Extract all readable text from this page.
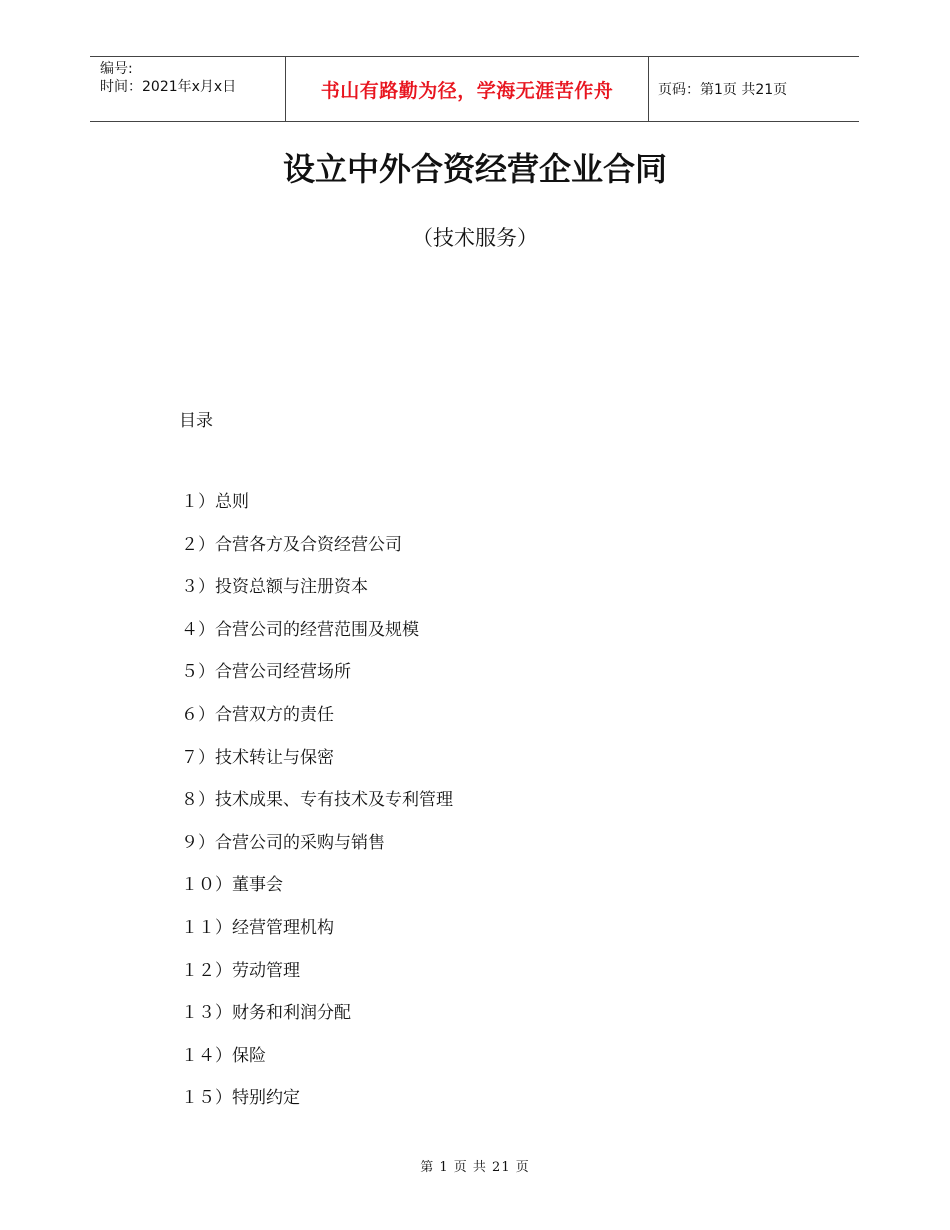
编号:
时间：2021年x月x日	书山有路勤为径，学海无涯苦作舟	页码：第1页 共21页
设立中外合资经营企业合同
（技术服务）
目录
１）总则
２）合营各方及合资经营公司
３）投资总额与注册资本
４）合营公司的经营范围及规模
５）合营公司经营场所
６）合营双方的责任
７）技术转让与保密
８）技术成果、专有技术及专利管理
９）合营公司的采购与销售
１０）董事会
１１）经营管理机构
１２）劳动管理
１３）财务和利润分配
１４）保险
１５）特别约定
第 1 页 共 21 页
